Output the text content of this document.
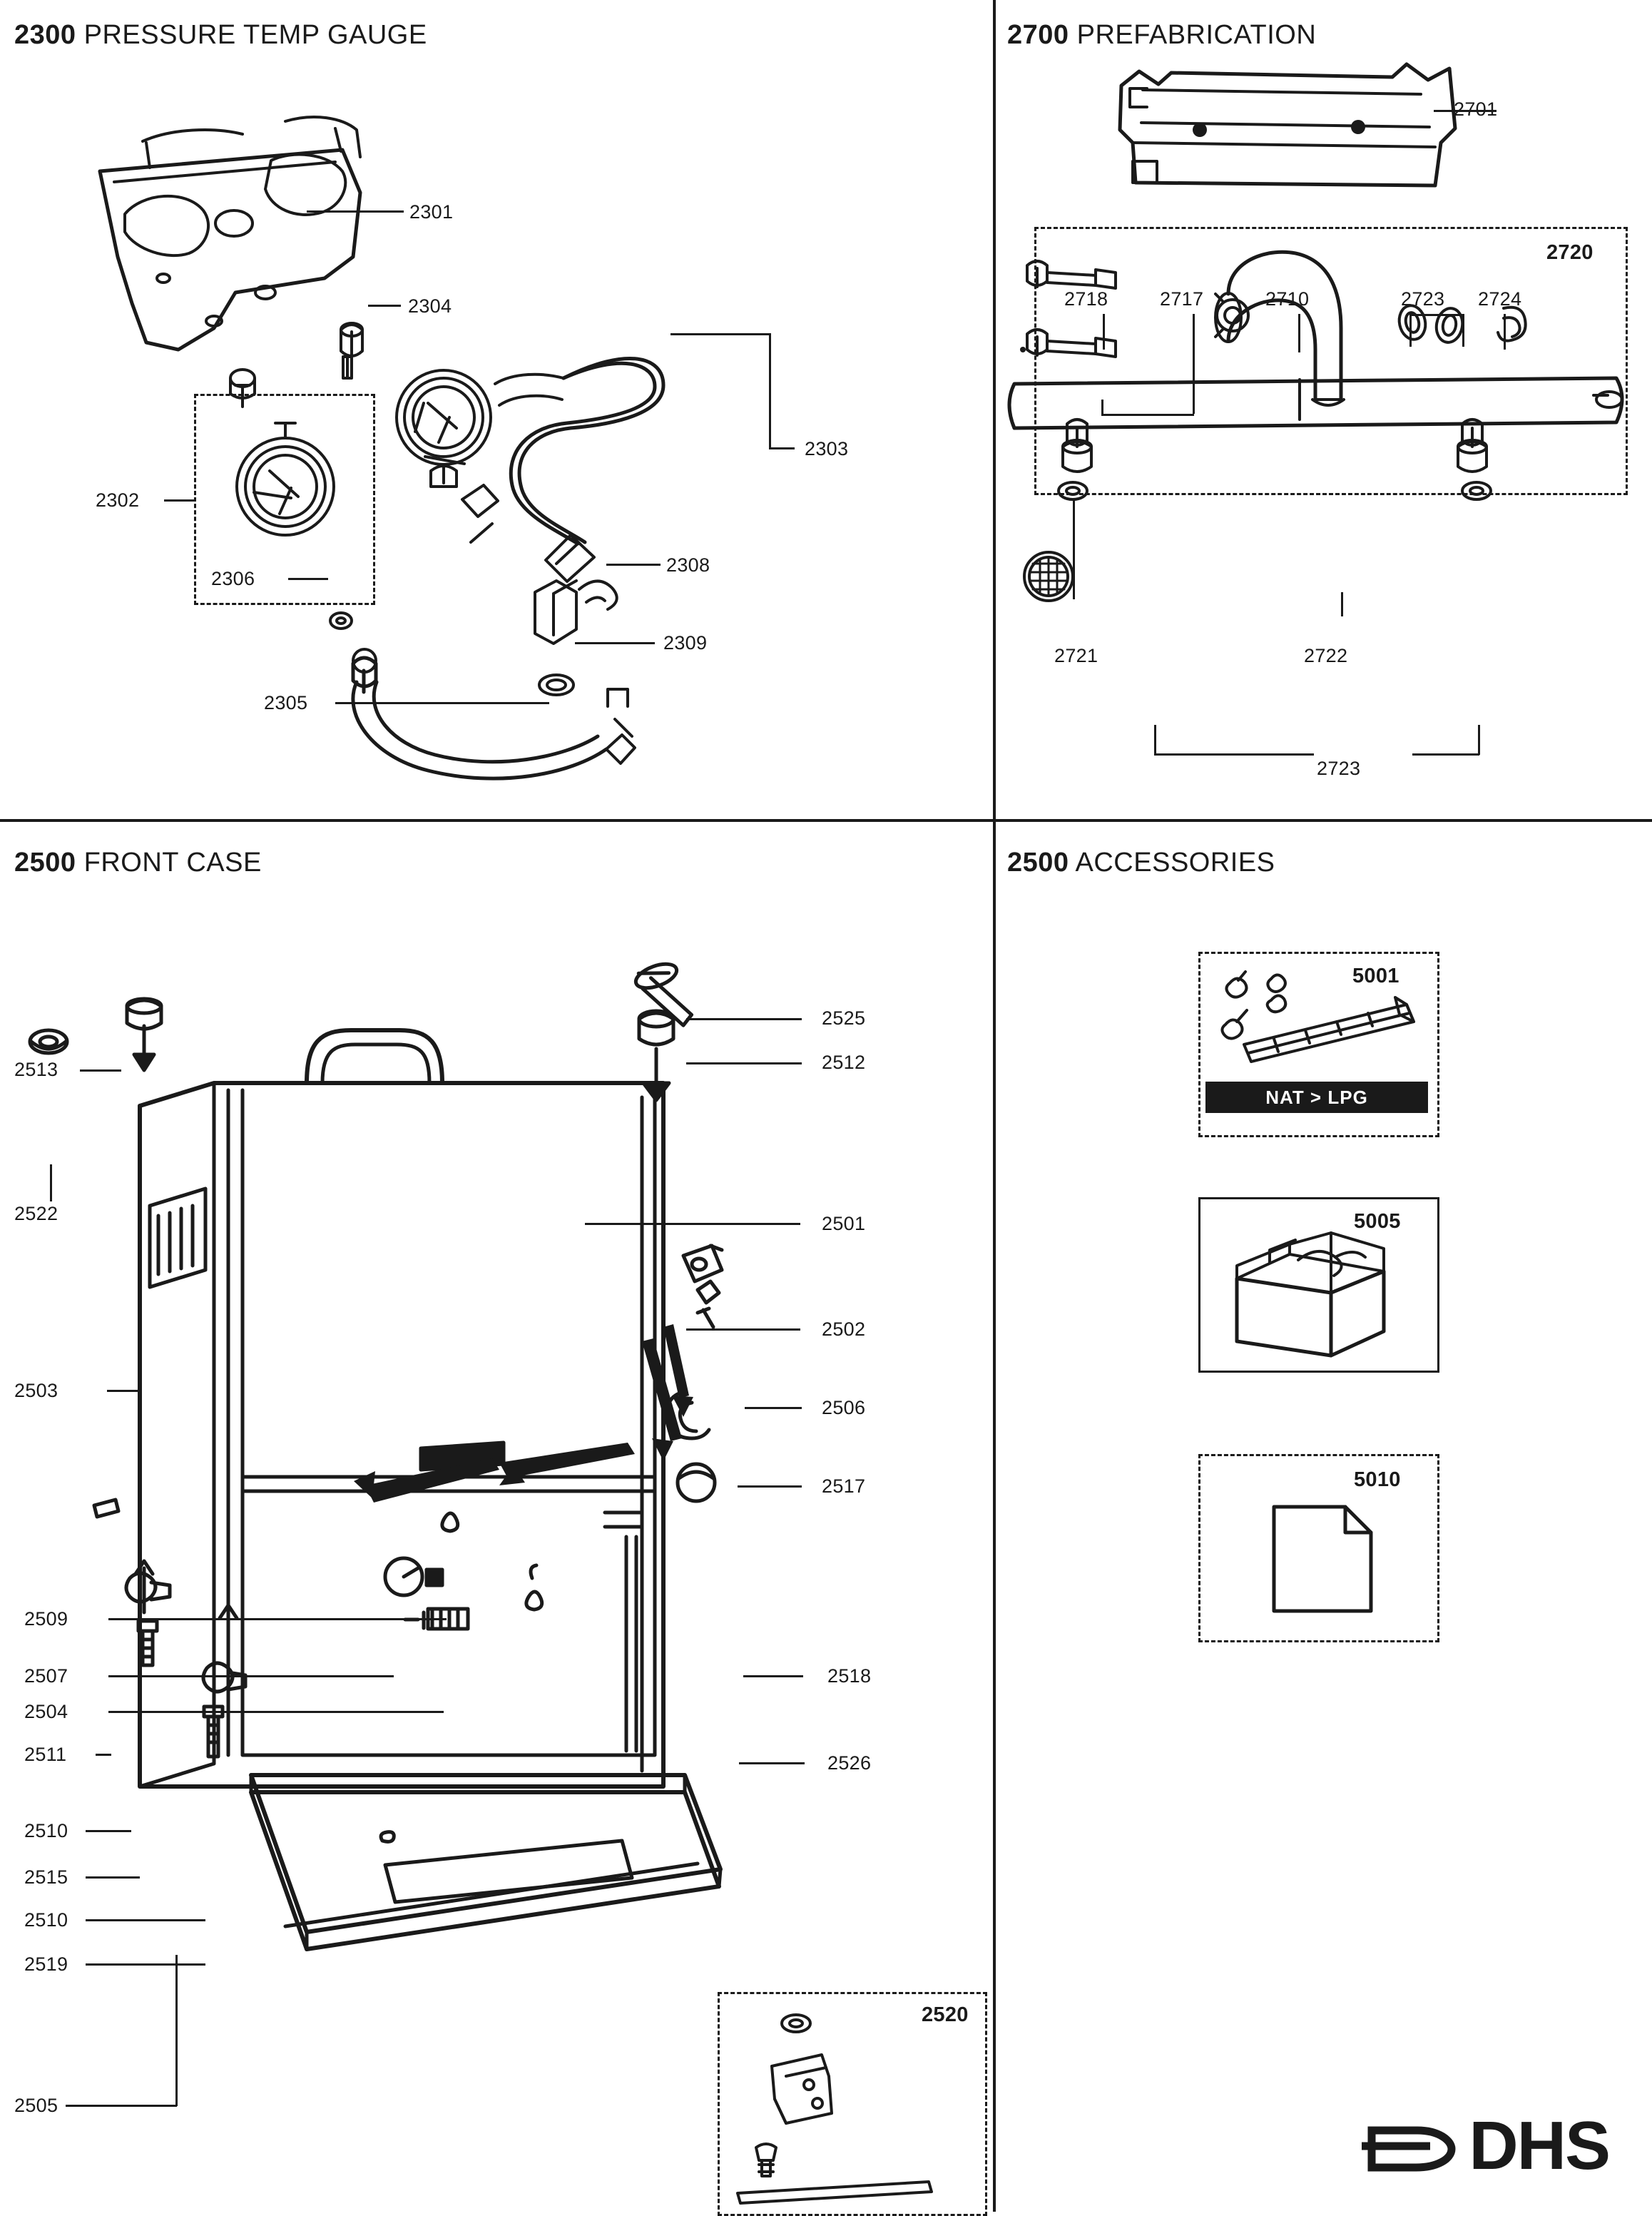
2300 PRESSURE TEMP GAUGE
2301
2304
2302
2306
2303
2308
2309
2305
2700 PREFABRICATION
2720
2718	2717	2710	2723 2724
2701
2721	2722
2723
2500 FRONT CASE
2525
2512
2513
2522	2501
2502
2503
2506
2517
2509
2507
2504
2511
2518
2526
2510
2515
2510
2519
2505
2520
2500 ACCESSORIES
5001
NAT > LPG
5005
5010
DHS
